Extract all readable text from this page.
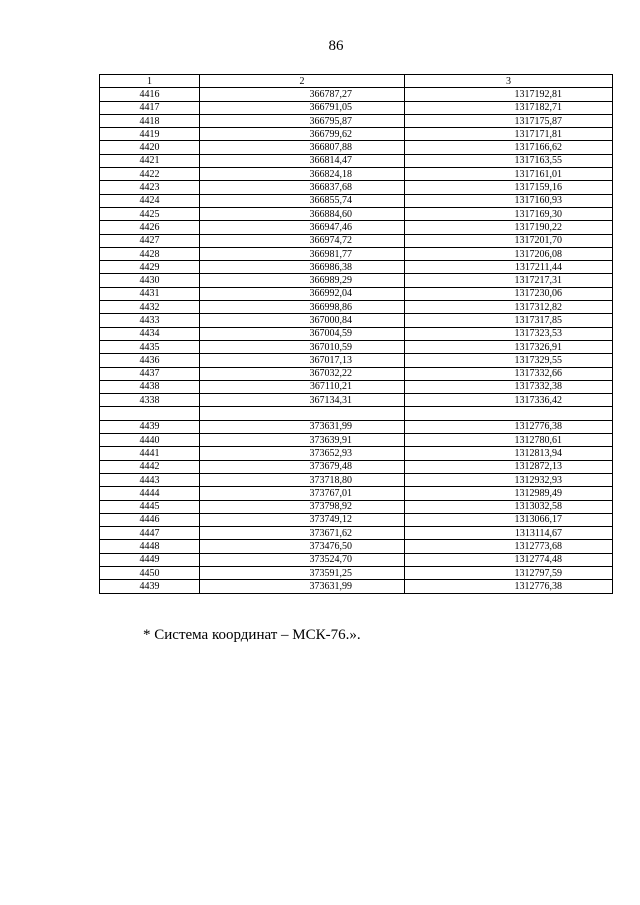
86
1	2	3
4416	366787,27	1317192,81
4417	366791,05	1317182,71
4418	366795,87	1317175,87
4419	366799,62	1317171,81
4420	366807,88	1317166,62
4421	366814,47	1317163,55
4422	366824,18	1317161,01
4423	366837,68	1317159,16
4424	366855,74	1317160,93
4425	366884,60	1317169,30
4426	366947,46	1317190,22
4427	366974,72	1317201,70
4428	366981,77	1317206,08
4429	366986,38	1317211,44
4430	366989,29	1317217,31
4431	366992,04	1317230,06
4432	366998,86	1317312,82
4433	367000,84	1317317,85
4434	367004,59	1317323,53
4435	367010,59	1317326,91
4436	367017,13	1317329,55
4437	367032,22	1317332,66
4438	367110,21	1317332,38
4338	367134,31	1317336,42

4439	373631,99	1312776,38
4440	373639,91	1312780,61
4441	373652,93	1312813,94
4442	373679,48	1312872,13
4443	373718,80	1312932,93
4444	373767,01	1312989,49
4445	373798,92	1313032,58
4446	373749,12	1313066,17
4447	373671,62	1313114,67
4448	373476,50	1312773,68
4449	373524,70	1312774,48
4450	373591,25	1312797,59
4439	373631,99	1312776,38
* Система координат – МСК-76.».
